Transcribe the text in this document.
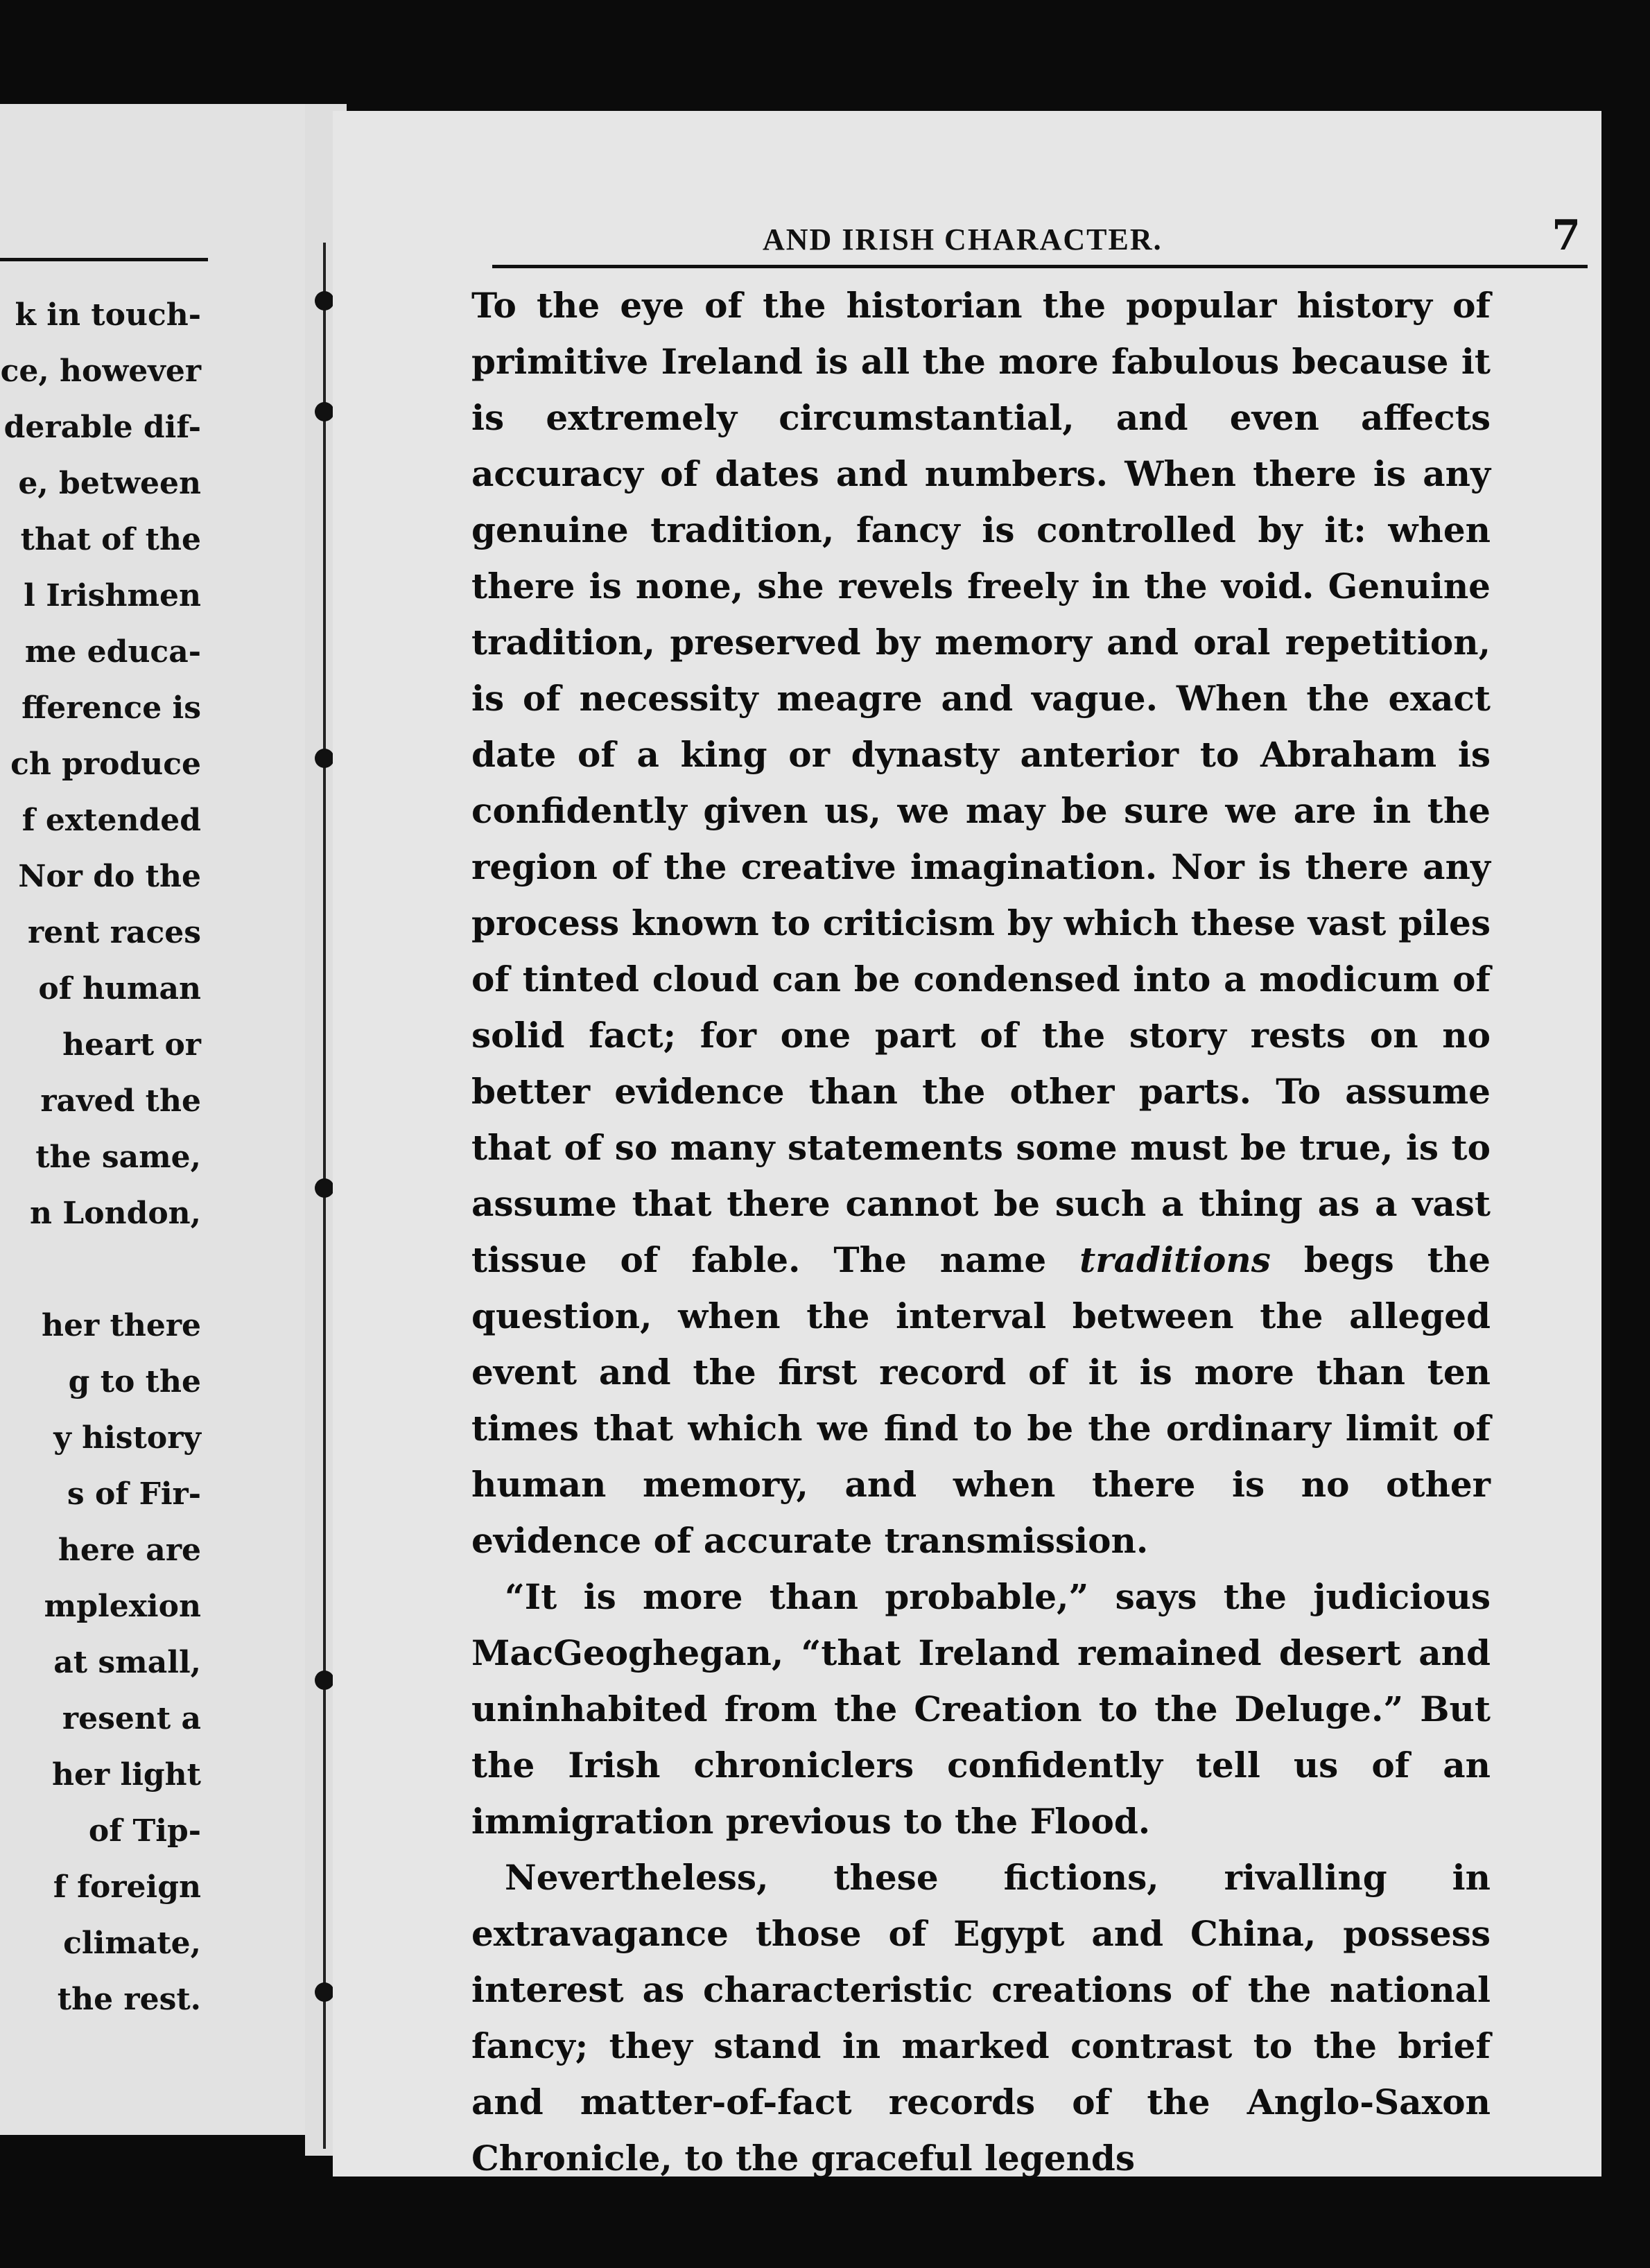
k in touch-
ce, however
derable dif-
e, between
that of the
l Irishmen
me educa-
fference is
ch produce
f extended
Nor do the
rent races
of human
heart or
raved the
the same,
n London,
her there
g to the
y history
s of Fir-
here are
mplexion
at small,
resent a
her light
of Tip-
f foreign
climate,
the rest.
AND IRISH CHARACTER.	7

To the eye of the historian the popular history of primitive Ireland is all the more fabulous because it is extremely circumstantial, and even affects accuracy of dates and numbers. When there is any genuine tradition, fancy is controlled by it: when there is none, she revels freely in the void. Genuine tradition, preserved by memory and oral repetition, is of necessity meagre and vague. When the exact date of a king or dynasty anterior to Abraham is confidently given us, we may be sure we are in the region of the creative imagination. Nor is there any process known to criticism by which these vast piles of tinted cloud can be condensed into a modicum of solid fact; for one part of the story rests on no better evidence than the other parts. To assume that of so many statements some must be true, is to assume that there cannot be such a thing as a vast tissue of fable. The name traditions begs the question, when the interval between the alleged event and the first record of it is more than ten times that which we find to be the ordinary limit of human memory, and when there is no other evidence of accurate transmission.

“It is more than probable,” says the judicious MacGeoghegan, “that Ireland remained desert and uninhabited from the Creation to the Deluge.” But the Irish chroniclers confidently tell us of an immigration previous to the Flood.

Nevertheless, these fictions, rivalling in extravagance those of Egypt and China, possess interest as characteristic creations of the national fancy; they stand in marked contrast to the brief and matter-of-fact records of the Anglo-Saxon Chronicle, to the graceful legends
